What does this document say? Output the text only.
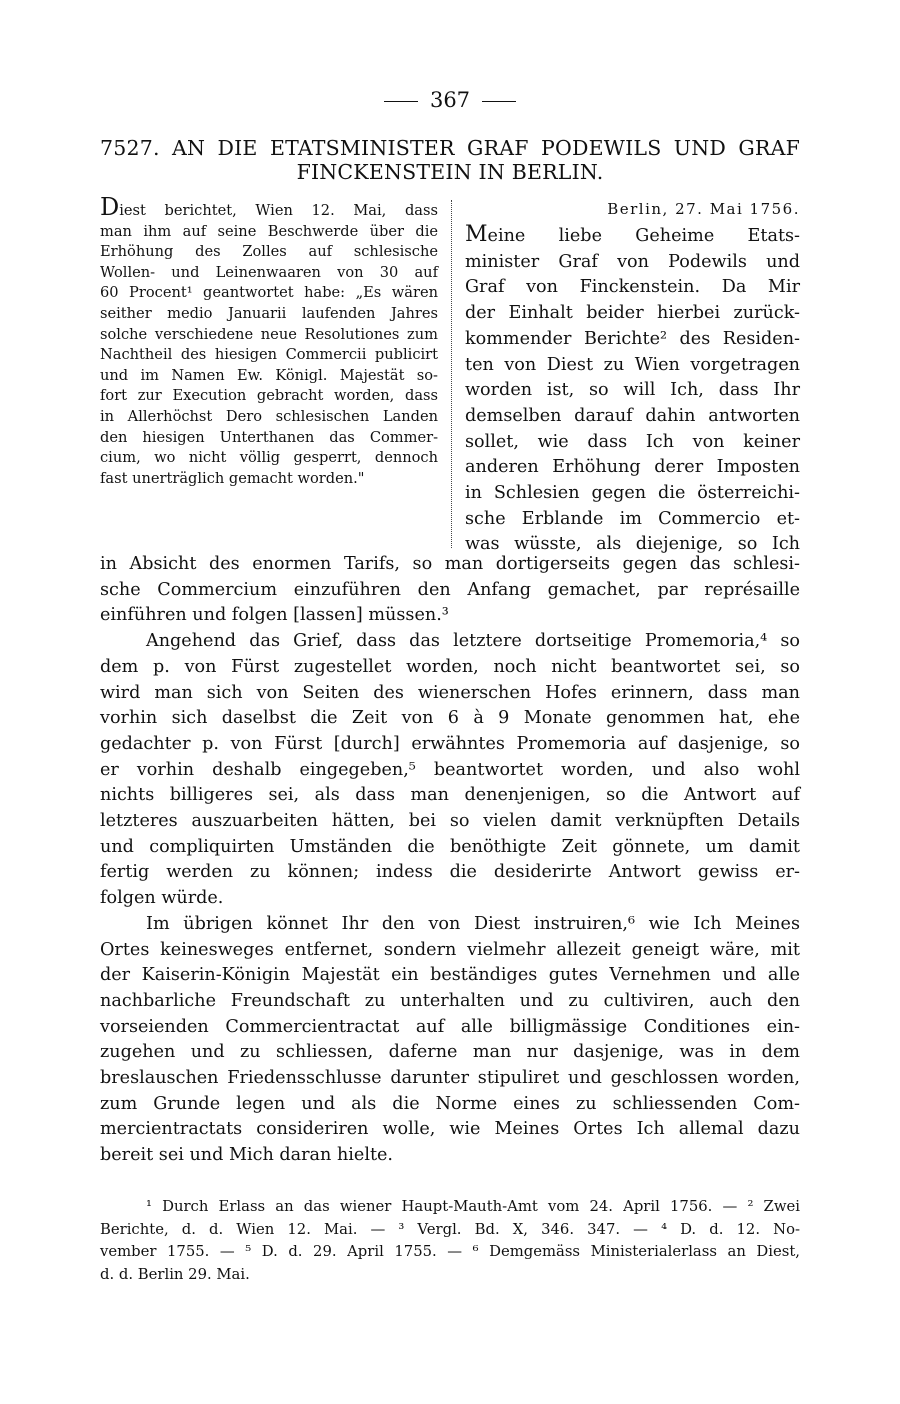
367
7527. AN DIE ETATSMINISTER GRAF PODEWILS UND GRAF
FINCKENSTEIN IN BERLIN.
Diest berichtet, Wien 12. Mai, dass
man ihm auf seine Beschwerde über die
Erhöhung des Zolles auf schlesische
Wollen- und Leinenwaaren von 30 auf
60 Procent¹ geantwortet habe: „Es wären
seither medio Januarii laufenden Jahres
solche verschiedene neue Resolutiones zum
Nachtheil des hiesigen Commercii publicirt
und im Namen Ew. Königl. Majestät so-
fort zur Execution gebracht worden, dass
in Allerhöchst Dero schlesischen Landen
den hiesigen Unterthanen das Commer-
cium, wo nicht völlig gesperrt, dennoch
fast unerträglich gemacht worden."
Berlin, 27. Mai 1756.
Meine liebe Geheime Etats-
minister Graf von Podewils und
Graf von Finckenstein. Da Mir
der Einhalt beider hierbei zurück-
kommender Berichte² des Residen-
ten von Diest zu Wien vorgetragen
worden ist, so will Ich, dass Ihr
demselben darauf dahin antworten
sollet, wie dass Ich von keiner
anderen Erhöhung derer Imposten
in Schlesien gegen die österreichi-
sche Erblande im Commercio et-
was wüsste, als diejenige, so Ich
in Absicht des enormen Tarifs, so man dortigerseits gegen das schlesi-
sche Commercium einzuführen den Anfang gemachet, par représaille
einführen und folgen [lassen] müssen.³
Angehend das Grief, dass das letztere dortseitige Promemoria,⁴ so
dem p. von Fürst zugestellet worden, noch nicht beantwortet sei, so
wird man sich von Seiten des wienerschen Hofes erinnern, dass man
vorhin sich daselbst die Zeit von 6 à 9 Monate genommen hat, ehe
gedachter p. von Fürst [durch] erwähntes Promemoria auf dasjenige, so
er vorhin deshalb eingegeben,⁵ beantwortet worden, und also wohl
nichts billigeres sei, als dass man denenjenigen, so die Antwort auf
letzteres auszuarbeiten hätten, bei so vielen damit verknüpften Details
und compliquirten Umständen die benöthigte Zeit gönnete, um damit
fertig werden zu können; indess die desiderirte Antwort gewiss er-
folgen würde.
Im übrigen könnet Ihr den von Diest instruiren,⁶ wie Ich Meines
Ortes keinesweges entfernet, sondern vielmehr allezeit geneigt wäre, mit
der Kaiserin-Königin Majestät ein beständiges gutes Vernehmen und alle
nachbarliche Freundschaft zu unterhalten und zu cultiviren, auch den
vorseienden Commercientractat auf alle billigmässige Conditiones ein-
zugehen und zu schliessen, daferne man nur dasjenige, was in dem
breslauschen Friedensschlusse darunter stipuliret und geschlossen worden,
zum Grunde legen und als die Norme eines zu schliessenden Com-
mercientractats consideriren wolle, wie Meines Ortes Ich allemal dazu
bereit sei und Mich daran hielte.
¹ Durch Erlass an das wiener Haupt-Mauth-Amt vom 24. April 1756. — ² Zwei
Berichte, d. d. Wien 12. Mai. — ³ Vergl. Bd. X, 346. 347. — ⁴ D. d. 12. No-
vember 1755. — ⁵ D. d. 29. April 1755. — ⁶ Demgemäss Ministerialerlass an Diest,
d. d. Berlin 29. Mai.
